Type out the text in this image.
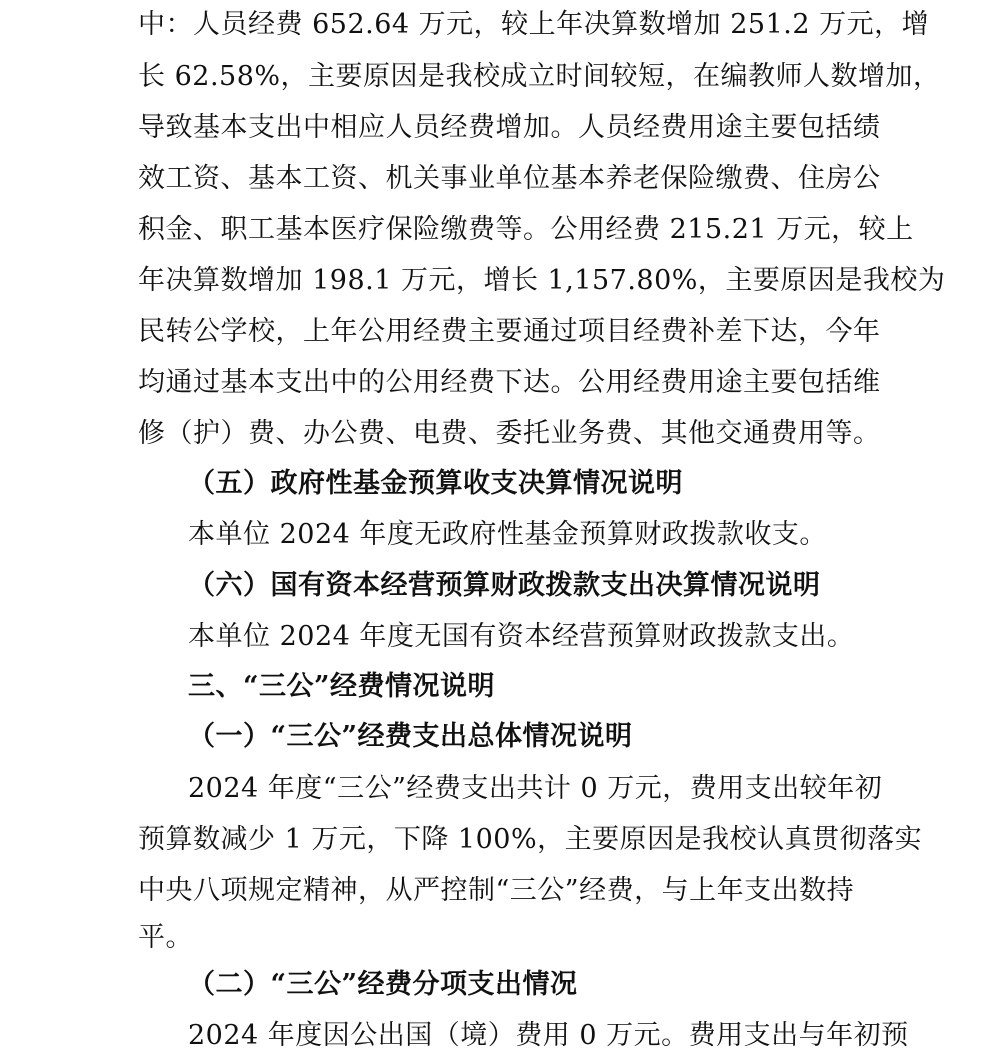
中：人员经费 652.64 万元，较上年决算数增加 251.2 万元，增
长 62.58%，主要原因是我校成立时间较短，在编教师人数增加，
导致基本支出中相应人员经费增加。人员经费用途主要包括绩
效工资、基本工资、机关事业单位基本养老保险缴费、住房公
积金、职工基本医疗保险缴费等。公用经费 215.21 万元，较上
年决算数增加 198.1 万元，增长 1,157.80%，主要原因是我校为
民转公学校，上年公用经费主要通过项目经费补差下达，今年
均通过基本支出中的公用经费下达。公用经费用途主要包括维
修（护）费、办公费、电费、委托业务费、其他交通费用等。
（五）政府性基金预算收支决算情况说明
本单位 2024 年度无政府性基金预算财政拨款收支。
（六）国有资本经营预算财政拨款支出决算情况说明
本单位 2024 年度无国有资本经营预算财政拨款支出。
三、“三公”经费情况说明
（一）“三公”经费支出总体情况说明
2024 年度“三公”经费支出共计 0 万元，费用支出较年初
预算数减少 1 万元，下降 100%，主要原因是我校认真贯彻落实
中央八项规定精神，从严控制“三公”经费，与上年支出数持
平。
（二）“三公”经费分项支出情况
2024 年度因公出国（境）费用 0 万元。费用支出与年初预
